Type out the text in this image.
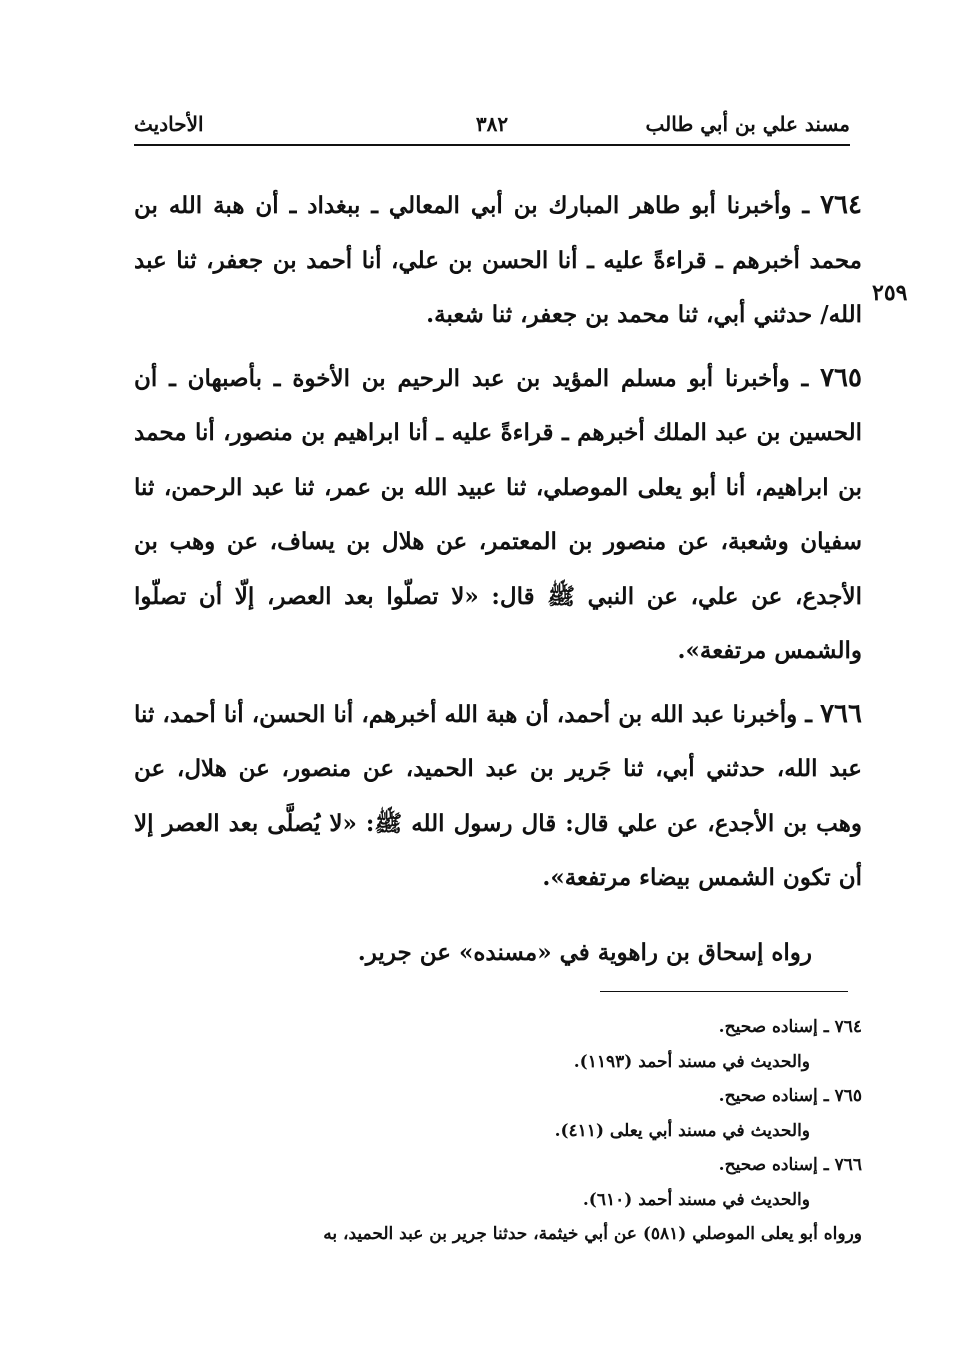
مسند علي بن أبي طالب
٣٨٢
الأحاديث
٢٥٩

٧٦٤ ـ وأخبرنا أبو طاهر المبارك بن أبي المعالي ـ ببغداد ـ أن هبة الله بن محمد أخبرهم ـ قراءةً عليه ـ أنا الحسن بن علي، أنا أحمد بن جعفر، ثنا عبد الله/ حدثني أبي، ثنا محمد بن جعفر، ثنا شعبة.

٧٦٥ ـ وأخبرنا أبو مسلم المؤيد بن عبد الرحيم بن الأخوة ـ بأصبهان ـ أن الحسين بن عبد الملك أخبرهم ـ قراءةً عليه ـ أنا ابراهيم بن منصور، أنا محمد بن ابراهيم، أنا أبو يعلى الموصلي، ثنا عبيد الله بن عمر، ثنا عبد الرحمن، ثنا سفيان وشعبة، عن منصور بن المعتمر، عن هلال بن يساف، عن وهب بن الأجدع، عن علي، عن النبي ﷺ قال: «لا تصلّوا بعد العصر، إلّا أن تصلّوا والشمس مرتفعة».

٧٦٦ ـ وأخبرنا عبد الله بن أحمد، أن هبة الله أخبرهم، أنا الحسن، أنا أحمد، ثنا عبد الله، حدثني أبي، ثنا جَرير بن عبد الحميد، عن منصور، عن هلال، عن وهب بن الأجدع، عن علي قال: قال رسول الله ﷺ: «لا يُصلَّى بعد العصر إلا أن تكون الشمس بيضاء مرتفعة».

رواه إسحاق بن راهوية في «مسنده» عن جرير.

٧٦٤ ـ إسناده صحيح.
والحديث في مسند أحمد (١١٩٣).
٧٦٥ ـ إسناده صحيح.
والحديث في مسند أبي يعلى (٤١١).
٧٦٦ ـ إسناده صحيح.
والحديث في مسند أحمد (٦١٠).
ورواه أبو يعلى الموصلي (٥٨١) عن أبي خيثمة، حدثنا جرير بن عبد الحميد، به
